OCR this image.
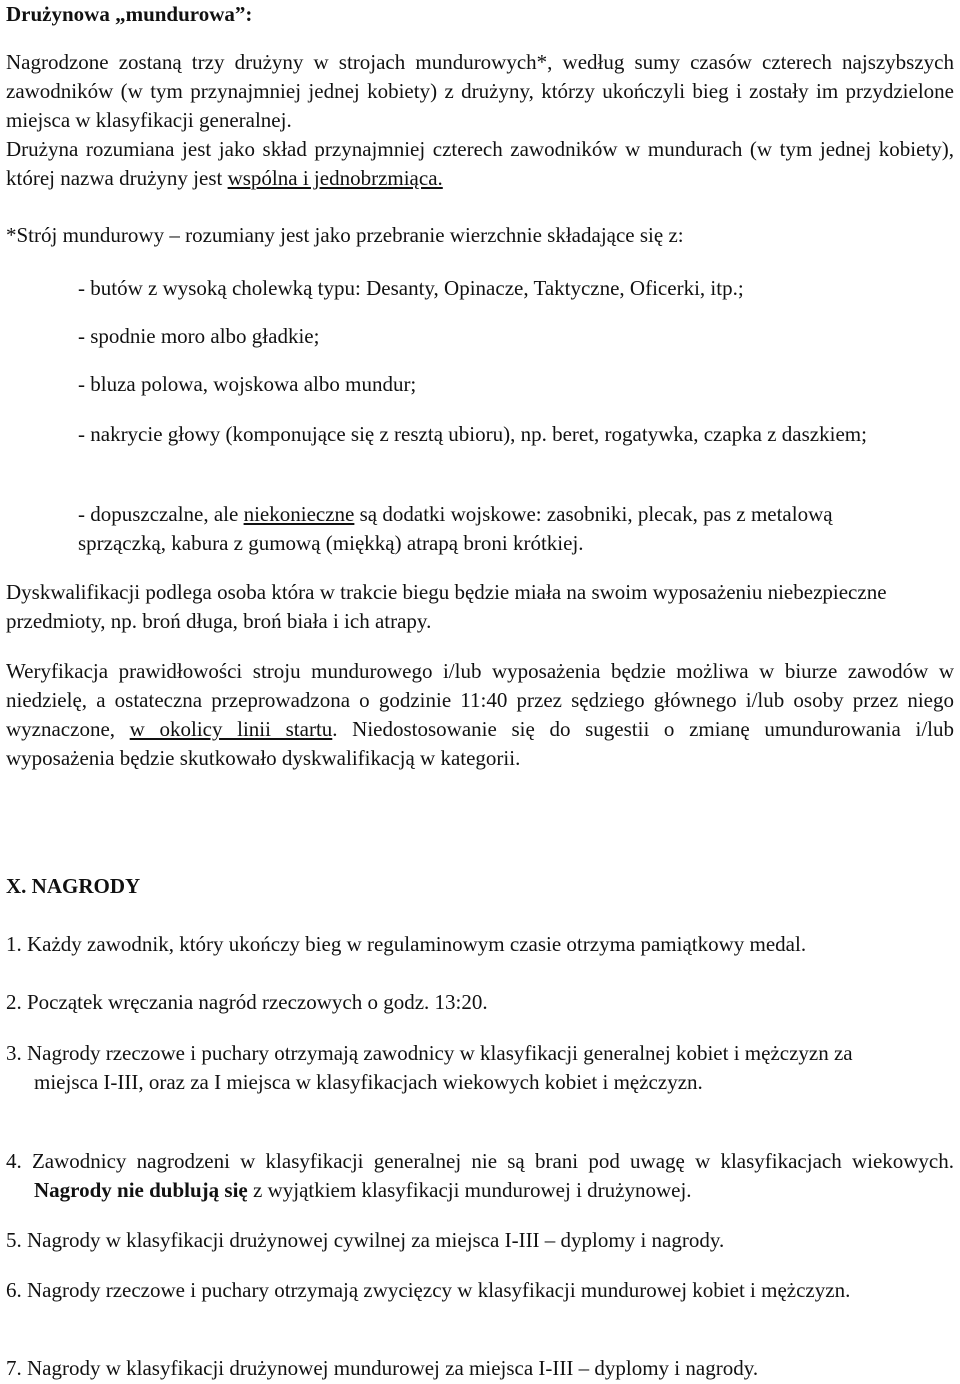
Drużynowa „mundurowa”:

Nagrodzone zostaną trzy drużyny w strojach mundurowych*, według sumy czasów czterech najszybszych zawodników (w tym przynajmniej jednej kobiety) z drużyny, którzy ukończyli bieg i zostały im przydzielone miejsca w klasyfikacji generalnej.

Drużyna rozumiana jest jako skład przynajmniej czterech zawodników w mundurach (w tym jednej kobiety), której nazwa drużyny jest wspólna i jednobrzmiąca.

*Strój mundurowy – rozumiany jest jako przebranie wierzchnie składające się z:

- butów z wysoką cholewką typu: Desanty, Opinacze, Taktyczne, Oficerki, itp.;

- spodnie moro albo gładkie;

- bluza polowa, wojskowa albo mundur;

- nakrycie głowy (komponujące się z resztą ubioru), np. beret, rogatywka, czapka z daszkiem;

- dopuszczalne, ale niekonieczne są dodatki wojskowe: zasobniki, plecak, pas z metalową sprzączką, kabura z gumową (miękką) atrapą broni krótkiej.

Dyskwalifikacji podlega osoba która w trakcie biegu będzie miała na swoim wyposażeniu niebezpieczne przedmioty, np. broń długa, broń biała i ich atrapy.

Weryfikacja prawidłowości stroju mundurowego i/lub wyposażenia będzie możliwa w biurze zawodów w niedzielę, a ostateczna przeprowadzona o godzinie 11:40 przez sędziego głównego i/lub osoby przez niego wyznaczone, w okolicy linii startu. Niedostosowanie się do sugestii o zmianę umundurowania i/lub wyposażenia będzie skutkowało dyskwalifikacją w kategorii.

X. NAGRODY

1. Każdy zawodnik, który ukończy bieg w regulaminowym czasie otrzyma pamiątkowy medal.

2. Początek wręczania nagród rzeczowych o godz. 13:20.

3. Nagrody rzeczowe i puchary otrzymają zawodnicy w klasyfikacji generalnej kobiet i mężczyzn za miejsca I-III, oraz za I miejsca w klasyfikacjach wiekowych kobiet i mężczyzn.

4. Zawodnicy nagrodzeni w klasyfikacji generalnej nie są brani pod uwagę w klasyfikacjach wiekowych. Nagrody nie dublują się z wyjątkiem klasyfikacji mundurowej i drużynowej.

5. Nagrody w klasyfikacji drużynowej cywilnej za miejsca I-III – dyplomy i nagrody.

6. Nagrody rzeczowe i puchary otrzymają zwycięzcy w klasyfikacji mundurowej kobiet i mężczyzn.

7. Nagrody w klasyfikacji drużynowej mundurowej za miejsca I-III – dyplomy i nagrody.
